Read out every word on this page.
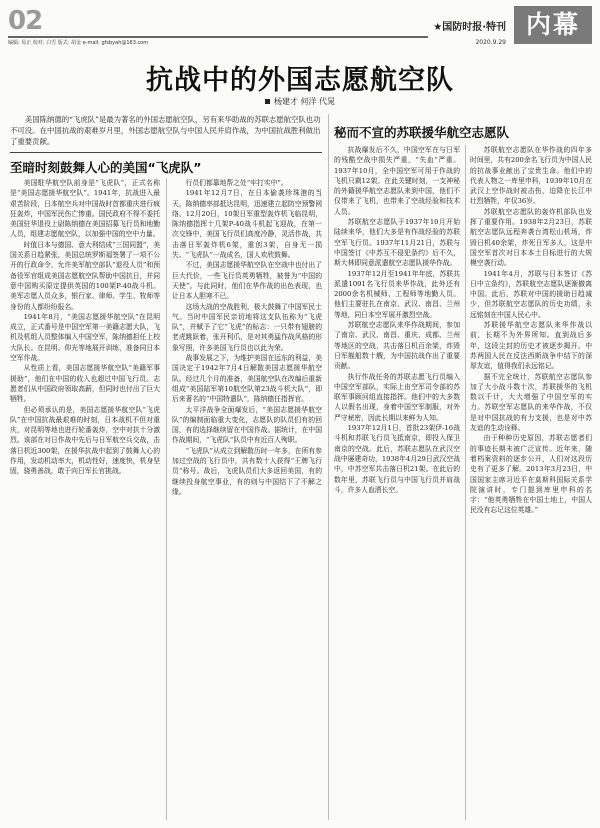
02
编辑: 易正 校对: 白雪 版式: 胡金 e-mail: gfsbyah@163.com
★国防时报·特刊
2020.9.29
内幕
抗战中的外国志愿航空队
杨建才 何洋 代晁
美国陈纳德的“飞虎队”是最为著名的外国志愿航空队，另有来华助战的苏联志愿航空队也功不可没。在中国抗战的艰难岁月里，外国志愿航空队与中国人民并肩作战，为中国抗战胜利做出了重要贡献。
至暗时刻鼓舞人心的美国“飞虎队”
秘而不宣的苏联援华航空志愿队

美国駐华航空队前身是“飞虎队”，正式名称是“美国志愿援华航空队”。1941年，抗战进入最艰苦阶段，日本航空兵对中国战时首都重庆进行疯狂轰炸，中国军民伤亡惨重。国民政府不得不委托美国驻华退役上尉陈纳德在美国招募飞行员和地勤人员，组建志愿航空队，以加强中国的空中力量。

时值日本与德国、意大利结成“三国同盟”，美国关系日趋紧张，美国总统罗斯福签署了一项不公开的行政命令，允许美军航空部队“退役人员”和预备役军官组成美国志愿航空队帮助中国抗日，并同意中国购买原定提供英国的100架P-40战斗机。美军志愿人员众多，银行家、律师、学生、牧师等身份的人都纷纷报名。

1941年8月，“美国志愿援华航空队”在昆明成立，正式番号是中国空军第一美籍志愿大队，飞机及机组人员整体编入中国空军，陈纳德担任上校大队长。在昆明、仰光等地展开训练，准备同日本空军作战。

从性质上看，美国志愿援华航空队“美籍军事援助”，他们在中国的收入也超过中国飞行员。志愿者们从中国政府领取高薪，但同时也付出了巨大牺牲。

但必须承认的是，美国志愿援华航空队“飞虎队”在中国抗战最艰难的时刻，日本战机不但对重庆，对昆明等地也进行轮番轰炸，空中对抗十分激烈。该部在对日作战中先后与日军航空兵交战，击落日机近300架，在援华抗战中起到了鼓舞人心的作用，发动机动率大，机动性好，速度快，机身坚固，骁勇善战，敢于向日军长官挑战。

行员们都靠地帮之处“牢打实中”。

1941年12月7日，在日本偷袭珍珠港的当天，陈纳德率部抵达昆明，迅速建立起防空预警网络。12月20日，10架日军重型轰炸机飞临昆明，陈纳德指挥十几架P-40战斗机起飞迎战，在第一次交锋中，美国飞行员们高度冷静，灵活作战，共击落日军轰炸机6架，重创3架，自身无一损失。“飞虎队”一战成名，国人欢欣鼓舞。

不过，美国志愿援华航空队在空战中也付出了巨大代价，一些飞行员英勇牺牲，被誉为“中国的天使”。与此同时，他们在华作战的出色表现，也让日本人胆寒不已。

这场大战的空战胜利，极大鼓舞了中国军民士气。当时中国军民亲切地将这支队伍称为“飞虎队”，并赋予了它“飞虎”的标志：一只带有翅膀的老虎跳跃着，张开利爪，是对其勇猛作战风格的形象写照，许多美国飞行员也以此为荣。

战事发展之下，为维护美国在远东的利益，美国决定于1942年7月4日解散美国志愿援华航空队。经过几个月的准备，美国航空队在改编后重新组成“美国陆军第10航空队第23战斗机大队”，即后来著名的“中国特遣队”，陈纳德任指挥官。

太平洋战争全面爆发后，“美国志愿援华航空队”的编制面临重大变化，志愿队的队员们有的回国，有的选择继续留在中国作战。据统计，在中国作战期间，“飞虎队”队员中有近百人殉职。

“飞虎队”从成立到解散历时一年多，在所有参加过空战的飞行员中，共有数十人获得“王牌飞行员”称号。战后，飞虎队员们大多返回美国，有的继续投身航空事业，有的则与中国结下了不解之缘。

抗战爆发后不久，中国空军在与日军的残酷空战中损失严重，“失血”严重。1937年10月，全中国空军可用于作战的飞机只剩12架。在此关键时刻，一支神秘的外籍援华航空志愿队来到中国，他们不仅带来了飞机，也带来了空战经验和技术人员。

苏联航空志愿队于1937年10月开始陆续来华，他们大多是有作战经验的苏联空军飞行员。1937年11月21日，苏联与中国签订《中苏互不侵犯条约》后不久，斯大林即同意派遣航空志愿队援华作战。

1937年12月至1941年年底，苏联共派遣1091名飞行员来华作战，此外还有2000余名机械师、工程师等地勤人员。他们主要驻扎在南京、武汉、南昌、兰州等地，同日本空军展开激烈空战。

苏联航空志愿队来华作战期间，参加了南京、武汉、南昌、重庆、成都、兰州等地区的空战，共击落日机百余架，炸毁日军舰船数十艘，为中国抗战作出了重要贡献。

执行作战任务的苏联志愿飞行员编入中国空军部队，实际上由空军司令部的苏联军事顾问组直接指挥。他们中的大多数人以假名出现，身着中国空军制服，对外严守秘密，因此长期以来鲜为人知。

1937年12月1日，首批23架伊-16战斗机和苏联飞行员飞抵南京，即投入保卫南京的空战。此后，苏联志愿队在武汉空战中屡建奇功，1938年4月29日武汉空战中，中苏空军共击落日机21架。在此后的数年里，苏联飞行员与中国飞行员并肩战斗，许多人血洒长空。

苏联航空志愿队在华作战的四年多时间里，共有200余名飞行员为中国人民的抗战事业献出了宝贵生命。他们中的代表人物之一库里申科，1939年10月在武汉上空作战时被击伤，迫降在长江中壮烈牺牲，年仅36岁。

苏联航空志愿队的轰炸机部队也发挥了重要作用。1938年2月23日，苏联航空志愿队远程奔袭台湾松山机场，炸毁日机40余架，炸死日军多人，这是中国空军首次对日本本土目标进行的大规模空袭行动。

1941年4月，苏联与日本签订《苏日中立条约》，苏联航空志愿队逐渐撤离中国。此后，苏联对中国的援助日趋减少，但苏联航空志愿队的历史功绩，永远铭刻在中国人民心中。

苏联援华航空志愿队来华作战以前，长期不为外界所知。直到战后多年，这段尘封的历史才被逐步揭开。中苏两国人民在反法西斯战争中结下的深厚友谊，值得我们永远铭记。

据不完全统计，苏联航空志愿队参加了大小战斗数十次，苏联援华的飞机数以千计，大大增强了中国空军的实力。苏联空军志愿队的来华作战，不仅是对中国抗战的有力支援，也是对中苏友谊的生动诠释。

由于种种历史原因，苏联志愿者们的事迹长期未被广泛宣传。近年来，随着档案资料的逐步公开，人们对这段历史有了更多了解。2013年3月23日，中国国家主席习近平在莫斯科国际关系学院演讲时，专门提到库里申科的名字：“他英勇牺牲在中国土地上，中国人民没有忘记这位英雄。”
